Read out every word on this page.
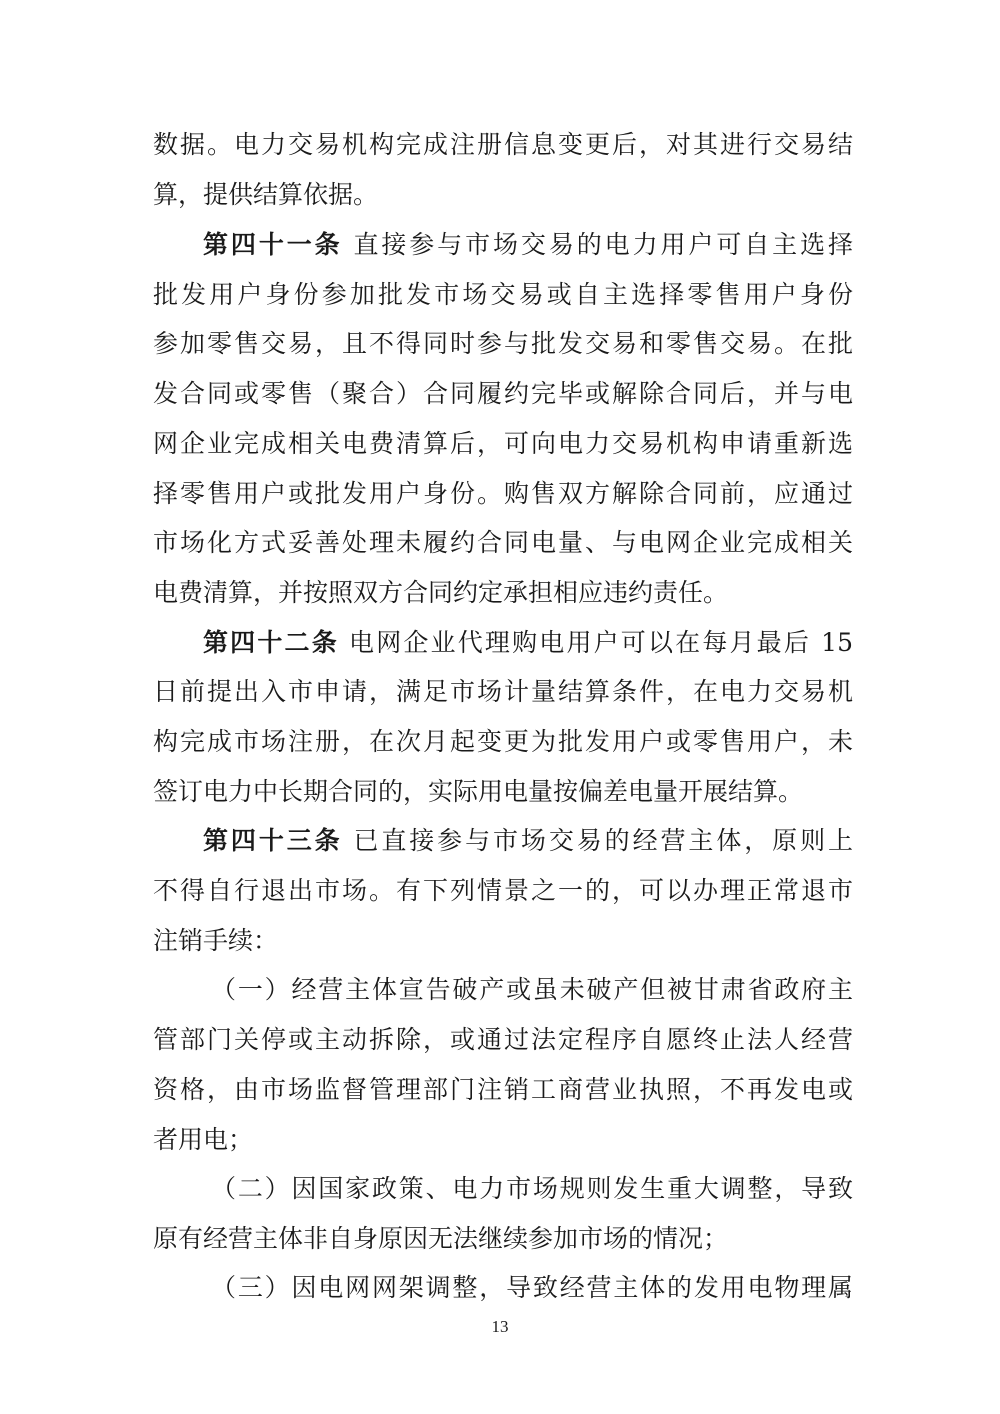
数据。电力交易机构完成注册信息变更后，对其进行交易结
算，提供结算依据。
第四十一条 直接参与市场交易的电力用户可自主选择
批发用户身份参加批发市场交易或自主选择零售用户身份
参加零售交易，且不得同时参与批发交易和零售交易。在批
发合同或零售（聚合）合同履约完毕或解除合同后，并与电
网企业完成相关电费清算后，可向电力交易机构申请重新选
择零售用户或批发用户身份。购售双方解除合同前，应通过
市场化方式妥善处理未履约合同电量、与电网企业完成相关
电费清算，并按照双方合同约定承担相应违约责任。
第四十二条 电网企业代理购电用户可以在每月最后 15
日前提出入市申请，满足市场计量结算条件，在电力交易机
构完成市场注册，在次月起变更为批发用户或零售用户，未
签订电力中长期合同的，实际用电量按偏差电量开展结算。
第四十三条 已直接参与市场交易的经营主体，原则上
不得自行退出市场。有下列情景之一的，可以办理正常退市
注销手续：
（一）经营主体宣告破产或虽未破产但被甘肃省政府主
管部门关停或主动拆除，或通过法定程序自愿终止法人经营
资格，由市场监督管理部门注销工商营业执照，不再发电或
者用电；
（二）因国家政策、电力市场规则发生重大调整，导致
原有经营主体非自身原因无法继续参加市场的情况；
（三）因电网网架调整，导致经营主体的发用电物理属
13
